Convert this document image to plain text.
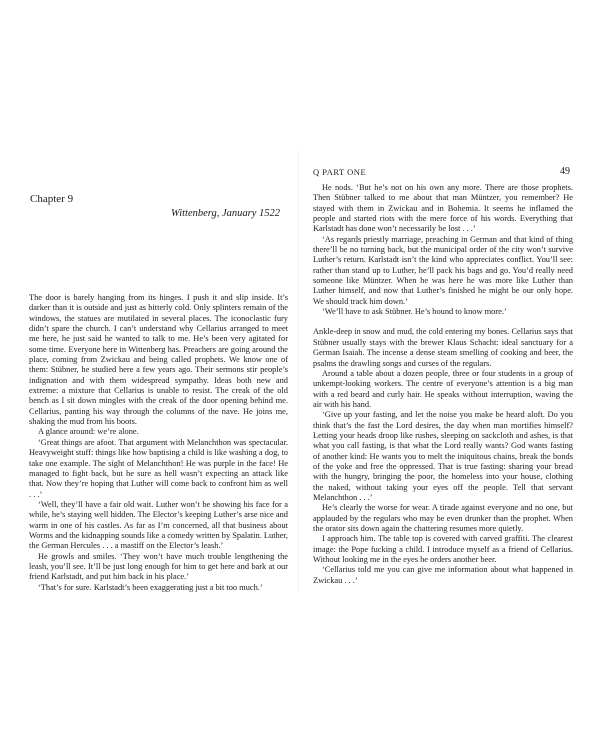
Chapter 9
Wittenberg, January 1522

The door is barely hanging from its hinges. I push it and slip inside. It’s darker than it is outside and just as bitterly cold. Only splinters remain of the windows, the statues are mutilated in several places. The iconoclastic fury didn’t spare the church. I can’t understand why Cellarius arranged to meet me here, he just said he wanted to talk to me. He’s been very agitated for some time. Everyone here in Wittenberg has. Preachers are going around the place, coming from Zwickau and being called prophets. We know one of them: Stübner, he studied here a few years ago. Their sermons stir people’s indignation and with them widespread sympathy. Ideas both new and extreme: a mixture that Cellarius is unable to resist. The creak of the old bench as I sit down mingles with the creak of the door opening behind me. Cellarius, panting his way through the columns of the nave. He joins me, shaking the mud from his boots.

A glance around: we’re alone.

‘Great things are afoot. That argument with Melanchthon was spectacular. Heavyweight stuff: things like how baptising a child is like washing a dog, to take one example. The sight of Melanchthon! He was purple in the face! He managed to fight back, but he sure as hell wasn’t expecting an attack like that. Now they’re hoping that Luther will come back to confront him as well . . .’

‘Well, they’ll have a fair old wait. Luther won’t be showing his face for a while, he’s staying well hidden. The Elector’s keeping Luther’s arse nice and warm in one of his castles. As far as I’m concerned, all that business about Worms and the kidnapping sounds like a comedy written by Spalatin. Luther, the German Hercules . . . a mastiff on the Elector’s leash.’

He growls and smiles. ‘They won’t have much trouble lengthening the leash, you’ll see. It’ll be just long enough for him to get here and bark at our friend Karlstadt, and put him back in his place.’

‘That’s for sure. Karlstadt’s been exaggerating just a bit too much.’

Q PART ONE	49

He nods. ‘But he’s not on his own any more. There are those prophets. Then Stübner talked to me about that man Müntzer, you remember? He stayed with them in Zwickau and in Bohemia. It seems he inflamed the people and started riots with the mere force of his words. Everything that Karlstadt has done won’t necessarily be lost . . .’

‘As regards priestly marriage, preaching in German and that kind of thing there’ll be no turning back, but the municipal order of the city won’t survive Luther’s return. Karlstadt isn’t the kind who appreciates conflict. You’ll see: rather than stand up to Luther, he’ll pack his bags and go. You’d really need someone like Müntzer. When he was here he was more like Luther than Luther himself, and now that Luther’s finished he might be our only hope. We should track him down.’

‘We’ll have to ask Stübner. He’s bound to know more.’

Ankle-deep in snow and mud, the cold entering my bones. Cellarius says that Stübner usually stays with the brewer Klaus Schacht: ideal sanctuary for a German Isaiah. The incense a dense steam smelling of cooking and beer, the psalms the drawling songs and curses of the regulars.

Around a table about a dozen people, three or four students in a group of unkempt-looking workers. The centre of everyone’s attention is a big man with a red beard and curly hair. He speaks without interruption, waving the air with his hand.

‘Give up your fasting, and let the noise you make be heard aloft. Do you think that’s the fast the Lord desires, the day when man mortifies himself? Letting your heads droop like rushes, sleeping on sackcloth and ashes, is that what you call fasting, is that what the Lord really wants? God wants fasting of another kind: He wants you to melt the iniquitous chains, break the bonds of the yoke and free the oppressed. That is true fasting: sharing your bread with the hungry, bringing the poor, the homeless into your house, clothing the naked, without taking your eyes off the people. Tell that servant Melanchthon . . .’

He’s clearly the worse for wear. A tirade against everyone and no one, but applauded by the regulars who may be even drunker than the prophet. When the orator sits down again the chattering resumes more quietly.

I approach him. The table top is covered with carved graffiti. The clearest image: the Pope fucking a child. I introduce myself as a friend of Cellarius. Without looking me in the eyes he orders another beer.

‘Cellarius told me you can give me information about what happened in Zwickau . . .’
